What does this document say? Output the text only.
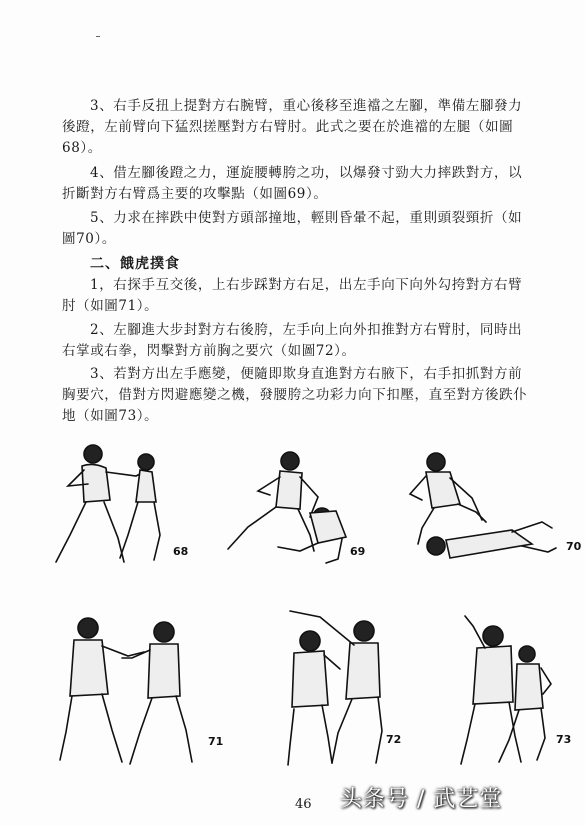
3、右手反扭上提對方右腕臂，重心後移至進襠之左腳，準備左腳發力後蹬，左前臂向下猛烈搓壓對方右臂肘。此式之要在於進襠的左腿（如圖68）。
4、借左腳後蹬之力，運旋腰轉胯之功，以爆發寸勁大力摔跌對方，以折斷對方右臂爲主要的攻擊點（如圖69）。
5、力求在摔跌中使對方頭部撞地，輕則昏暈不起，重則頭裂頸折（如圖70）。
二、餓虎撲食
1，右探手互交後，上右步踩對方右足，出左手向下向外勾挎對方右臂肘（如圖71）。
2、左腳進大步封對方右後胯，左手向上向外扣推對方右臂肘，同時出右掌或右拳，閃擊對方前胸之要穴（如圖72）。
3、若對方出左手應變，便隨即欺身直進對方右腋下，右手扣抓對方前胸要穴，借對方閃避應變之機，發腰胯之功彩力向下扣壓，直至對方後跌仆地（如圖73）。
68	69	70
71	72	73
46 头条号 / 武艺堂
